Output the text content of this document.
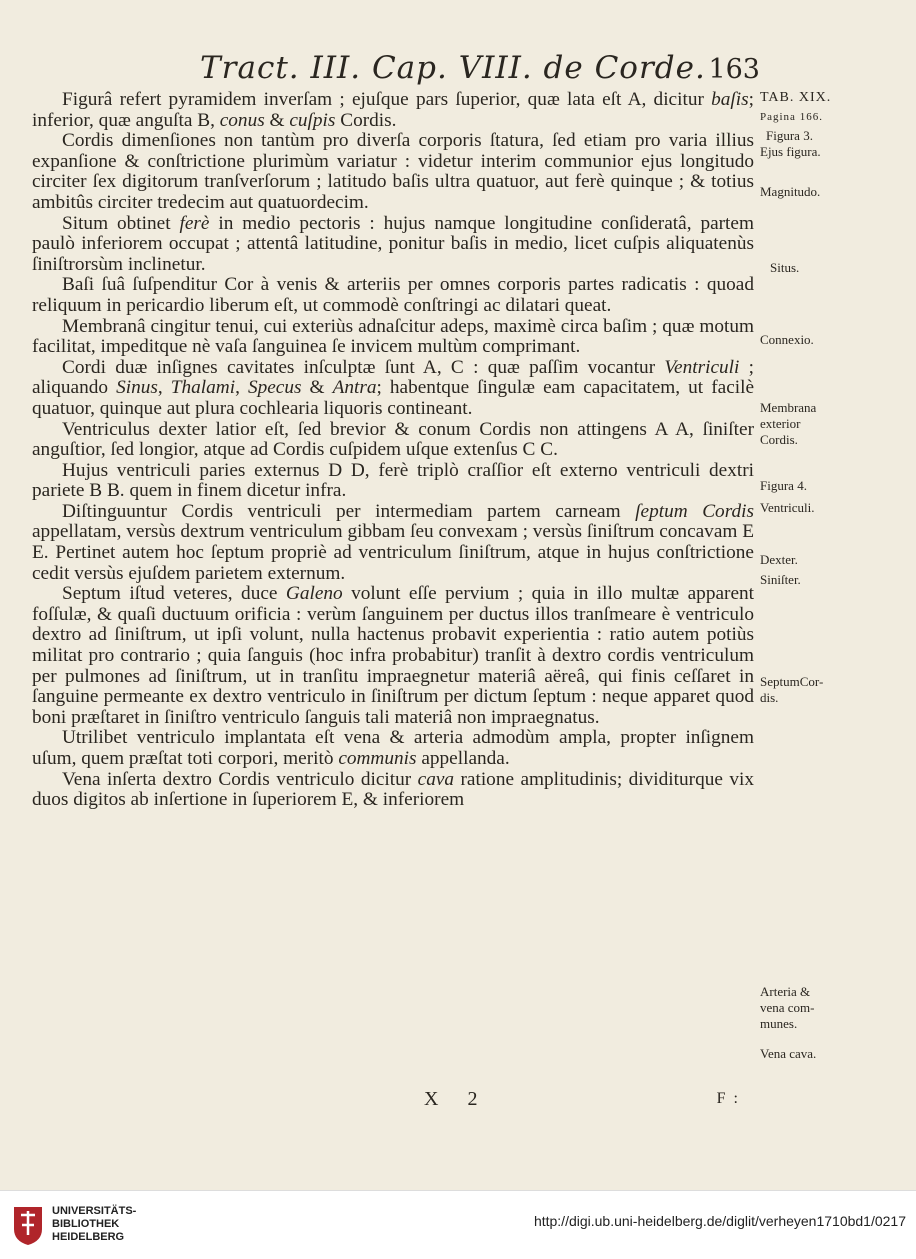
Tract. III. Cap. VIII. de Corde. 163

Figurâ refert pyramidem inverſam ; ejuſque pars ſuperior, quæ lata eſt A, dicitur baſis; inferior, quæ anguſta B, conus & cuſpis Cordis.

Cordis dimenſiones non tantùm pro diverſa corporis ſtatura, ſed etiam pro varia illius expanſione & conſtrictione plurimùm variatur : videtur interim communior ejus longitudo circiter ſex digitorum tranſverſorum ; latitudo baſis ultra quatuor, aut ferè quinque ; & totius ambitûs circiter tredecim aut quatuordecim.

Situm obtinet ferè in medio pectoris : hujus namque longitudine conſideratâ, partem paulò inferiorem occupat ; attentâ latitudine, ponitur baſis in medio, licet cuſpis aliquatenùs ſiniſtrorsùm inclinetur.

Baſi ſuâ ſuſpenditur Cor à venis & arteriis per omnes corporis partes radicatis : quoad reliquum in pericardio liberum eſt, ut commodè conſtringi ac dilatari queat.

Membranâ cingitur tenui, cui exteriùs adnaſcitur adeps, maximè circa baſim ; quæ motum facilitat, impeditque nè vaſa ſanguinea ſe invicem multùm comprimant.

Cordi duæ inſignes cavitates inſculptæ ſunt A, C : quæ paſſim vocantur Ventriculi ; aliquando Sinus, Thalami, Specus & Antra; habentque ſingulæ eam capacitatem, ut facilè quatuor, quinque aut plura cochlearia liquoris contineant.

Ventriculus dexter latior eſt, ſed brevior & conum Cordis non attingens A A, ſiniſter anguſtior, ſed longior, atque ad Cordis cuſpidem uſque extenſus C C.

Hujus ventriculi paries externus D D, ferè triplò craſſior eſt externo ventriculi dextri pariete B B. quem in finem dicetur infra.

Diſtinguuntur Cordis ventriculi per intermediam partem carneam ſeptum Cordis appellatam, versùs dextrum ventriculum gibbam ſeu convexam ; versùs ſiniſtrum concavam E E. Pertinet autem hoc ſeptum propriè ad ventriculum ſiniſtrum, atque in hujus conſtrictione cedit versùs ejuſdem parietem externum.

Septum iſtud veteres, duce Galeno volunt eſſe pervium ; quia in illo multæ apparent foſſulæ, & quaſi ductuum orificia : verùm ſanguinem per ductus illos tranſmeare è ventriculo dextro ad ſiniſtrum, ut ipſi volunt, nulla hactenus probavit experientia : ratio autem potiùs militat pro contrario ; quia ſanguis (hoc infra probabitur) tranſit à dextro cordis ventriculum per pulmones ad ſiniſtrum, ut in tranſitu impraegnetur materiâ aëreâ, qui finis ceſſaret in ſanguine permeante ex dextro ventriculo in ſiniſtrum per dictum ſeptum : neque apparet quod boni præſtaret in ſiniſtro ventriculo ſanguis tali materiâ non impraegnatus.

Utrilibet ventriculo implantata eſt vena & arteria admodùm ampla, propter inſignem uſum, quem præſtat toti corpori, meritò communis appellanda.

Vena inſerta dextro Cordis ventriculo dicitur cava ratione amplitudinis; dividiturque vix duos digitos ab inſertione in ſuperiorem E, & inferiorem

TAB. XIX.
Pagina 166.
Figura 3.
Ejus figura.
Magnitudo.
Situs.
Connexio.
Membrana
exterior
Cordis.
Figura 4.
Ventriculi.
Dexter.
Siniſter.
SeptumCor-
dis.
Arteria &
vena com-
munes.
Vena cava.
X 2	F :
UNIVERSITÄTS-
BIBLIOTHEK
HEIDELBERG
http://digi.ub.uni-heidelberg.de/diglit/verheyen1710bd1/0217
